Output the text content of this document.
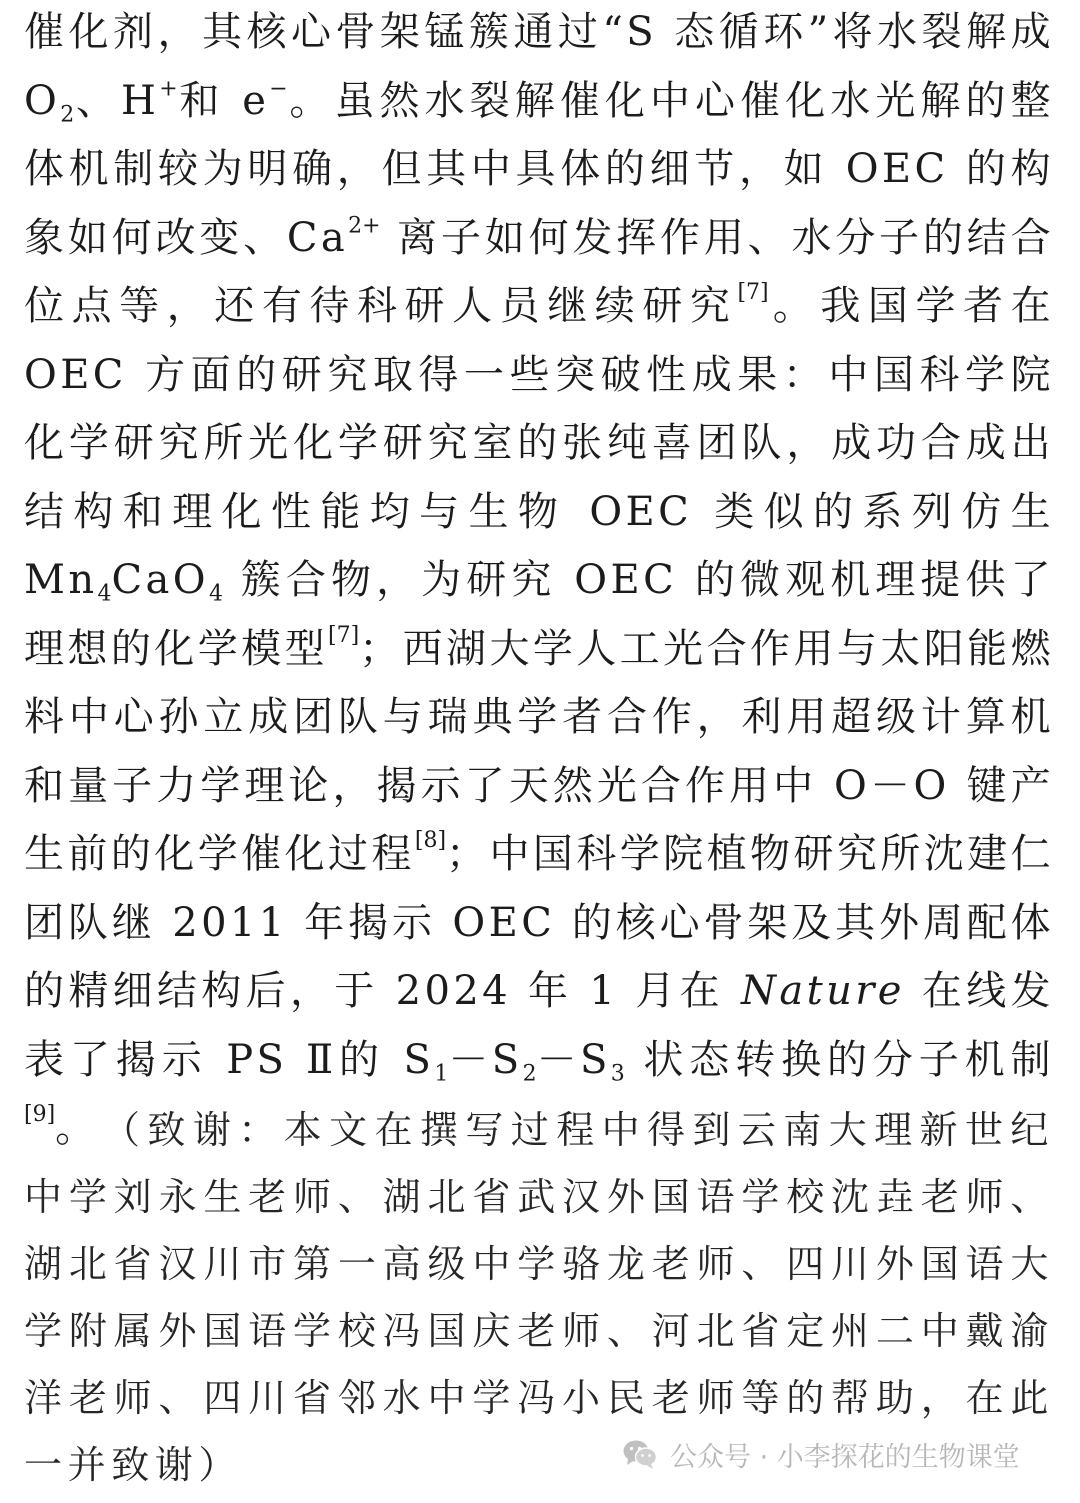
催化剂，其核心骨架锰簇通过“S 态循环”将水裂解成 $O_2$、H+和 e−。虽然水裂解催化中心催化水光解的整体机制较为明确，但其中具体的细节，如 OEC 的构象如何改变、$Ca^{2+}$ 离子如何发挥作用、水分子的结合位点等，还有待科研人员继续研究[7]。我国学者在 OEC 方面的研究取得一些突破性成果：中国科学院化学研究所光化学研究室的张纯喜团队，成功合成出结构和理化性能均与生物 OEC 类似的系列仿生 $Mn_4CaO_4$ 簇合物，为研究 OEC 的微观机理提供了理想的化学模型[7]；西湖大学人工光合作用与太阳能燃料中心孙立成团队与瑞典学者合作，利用超级计算机和量子力学理论，揭示了天然光合作用中 O－O 键产生前的化学催化过程[8]；中国科学院植物研究所沈建仁团队继 2011 年揭示 OEC 的核心骨架及其外周配体的精细结构后，于 2024 年 1 月在 Nature 在线发表了揭示 PS Ⅱ的 $S_1-S_2-S_3$ 状态转换的分子机制[9]。 （致谢：本文在撰写过程中得到云南大理新世纪中学刘永生老师、湖北省武汉外国语学校沈垚老师、湖北省汉川市第一高级中学骆龙老师、四川外国语大学附属外国语学校冯国庆老师、河北省定州二中戴渝洋老师、四川省邻水中学冯小民老师等的帮助，在此一并致谢）	公众号 · 小李探花的生物课堂
